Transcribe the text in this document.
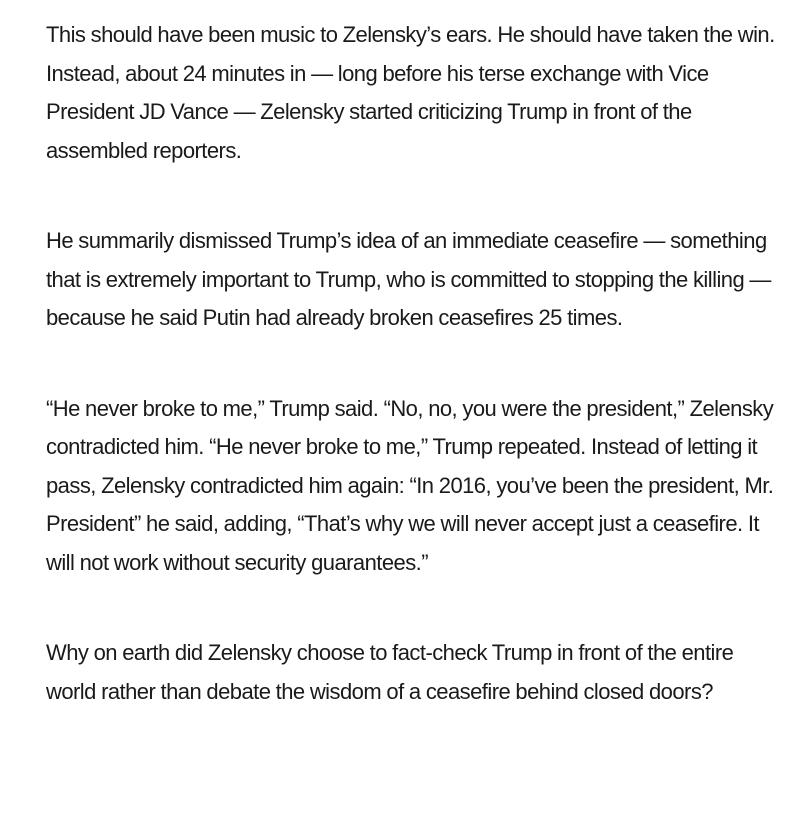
This should have been music to Zelensky’s ears. He should have taken the win. Instead, about 24 minutes in — long before his terse exchange with Vice President JD Vance — Zelensky started criticizing Trump in front of the assembled reporters.

He summarily dismissed Trump’s idea of an immediate ceasefire — something that is extremely important to Trump, who is committed to stopping the killing — because he said Putin had already broken ceasefires 25 times.

“He never broke to me,” Trump said. “No, no, you were the president,” Zelensky contradicted him. “He never broke to me,” Trump repeated. Instead of letting it pass, Zelensky contradicted him again: “In 2016, you’ve been the president, Mr. President” he said, adding, “That’s why we will never accept just a ceasefire. It will not work without security guarantees.”

Why on earth did Zelensky choose to fact-check Trump in front of the entire world rather than debate the wisdom of a ceasefire behind closed doors?
